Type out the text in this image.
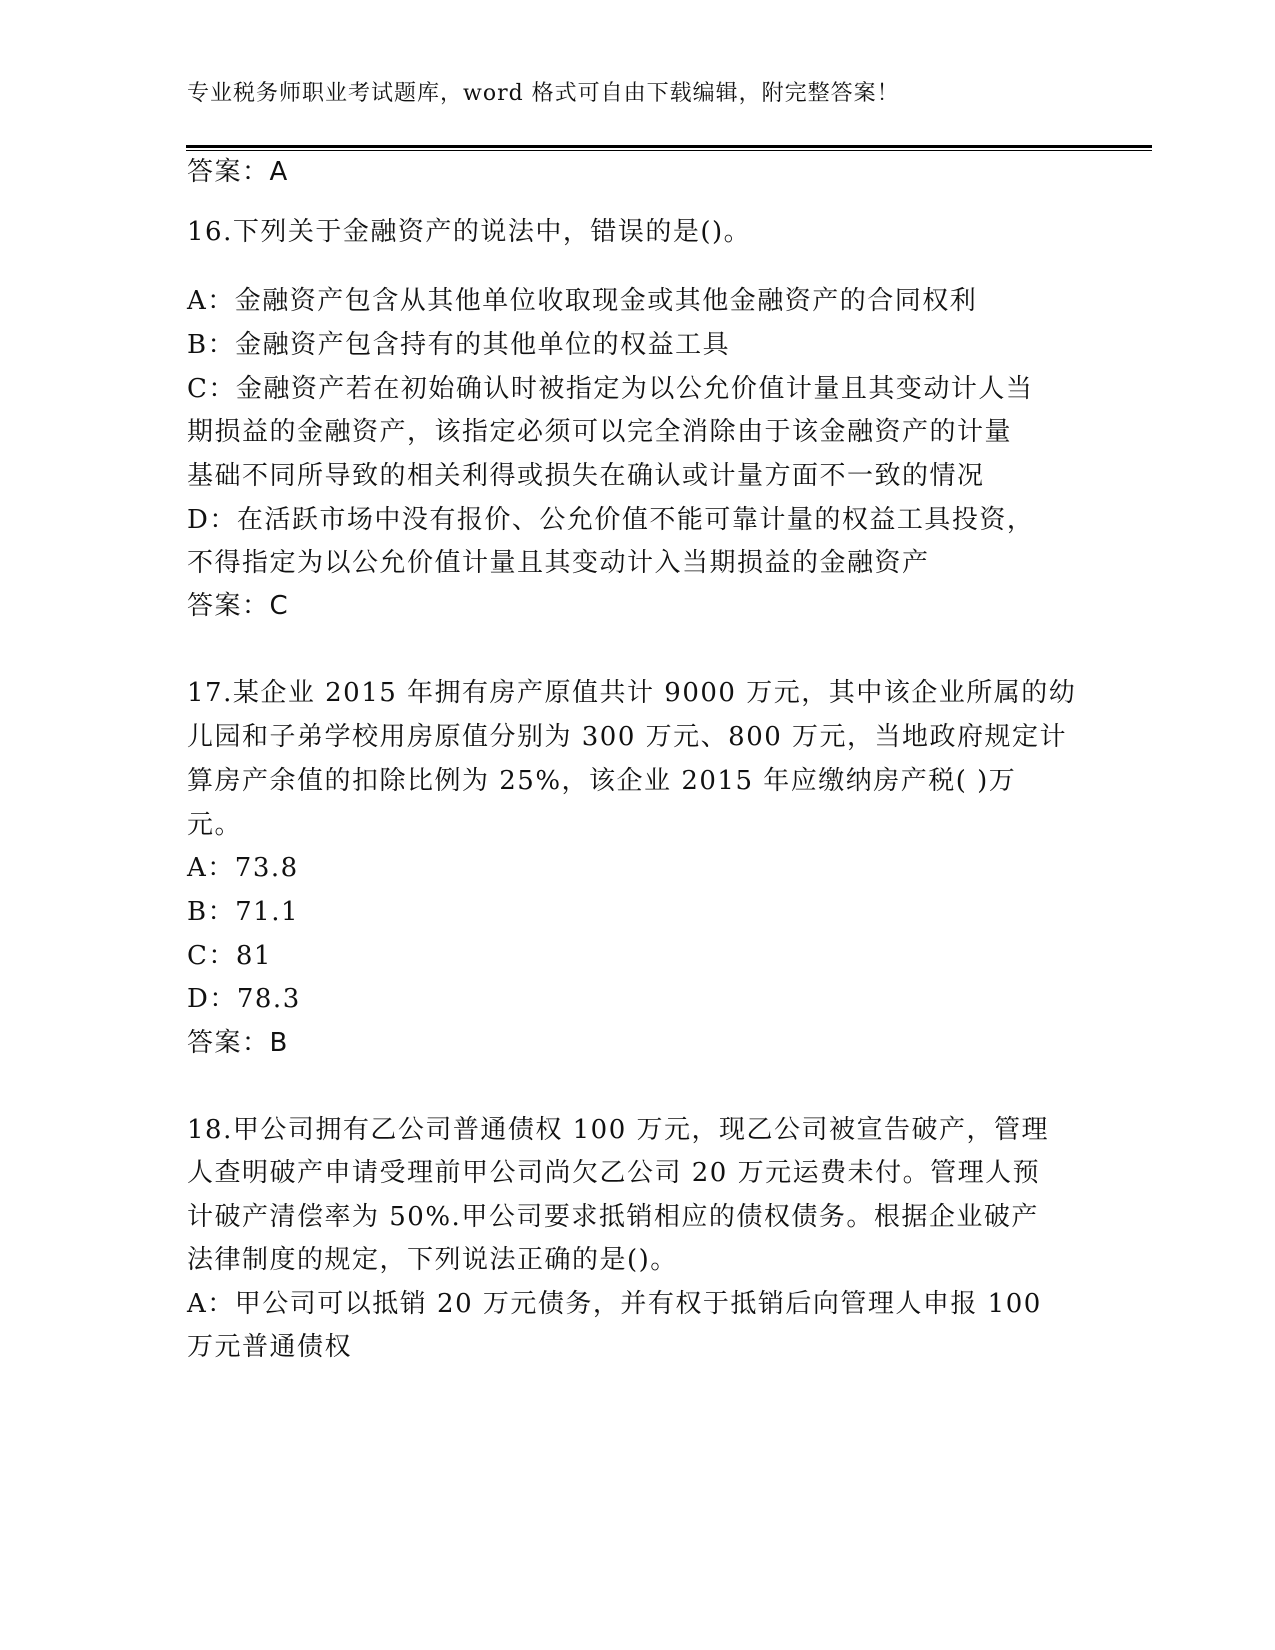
专业税务师职业考试题库，word 格式可自由下载编辑，附完整答案！
答案：A
16.下列关于金融资产的说法中，错误的是()。
A：金融资产包含从其他单位收取现金或其他金融资产的合同权利
B：金融资产包含持有的其他单位的权益工具
C：金融资产若在初始确认时被指定为以公允价值计量且其变动计人当
期损益的金融资产，该指定必须可以完全消除由于该金融资产的计量
基础不同所导致的相关利得或损失在确认或计量方面不一致的情况
D：在活跃市场中没有报价、公允价值不能可靠计量的权益工具投资，
不得指定为以公允价值计量且其变动计入当期损益的金融资产
答案：C
17.某企业 2015 年拥有房产原值共计 9000 万元，其中该企业所属的幼
儿园和子弟学校用房原值分别为 300 万元、800 万元，当地政府规定计
算房产余值的扣除比例为 25%，该企业 2015 年应缴纳房产税( )万
元。
A：73.8
B：71.1
C：81
D：78.3
答案：B
18.甲公司拥有乙公司普通债权 100 万元，现乙公司被宣告破产，管理
人查明破产申请受理前甲公司尚欠乙公司 20 万元运费未付。管理人预
计破产清偿率为 50%.甲公司要求抵销相应的债权债务。根据企业破产
法律制度的规定，下列说法正确的是()。
A：甲公司可以抵销 20 万元债务，并有权于抵销后向管理人申报 100
万元普通债权
